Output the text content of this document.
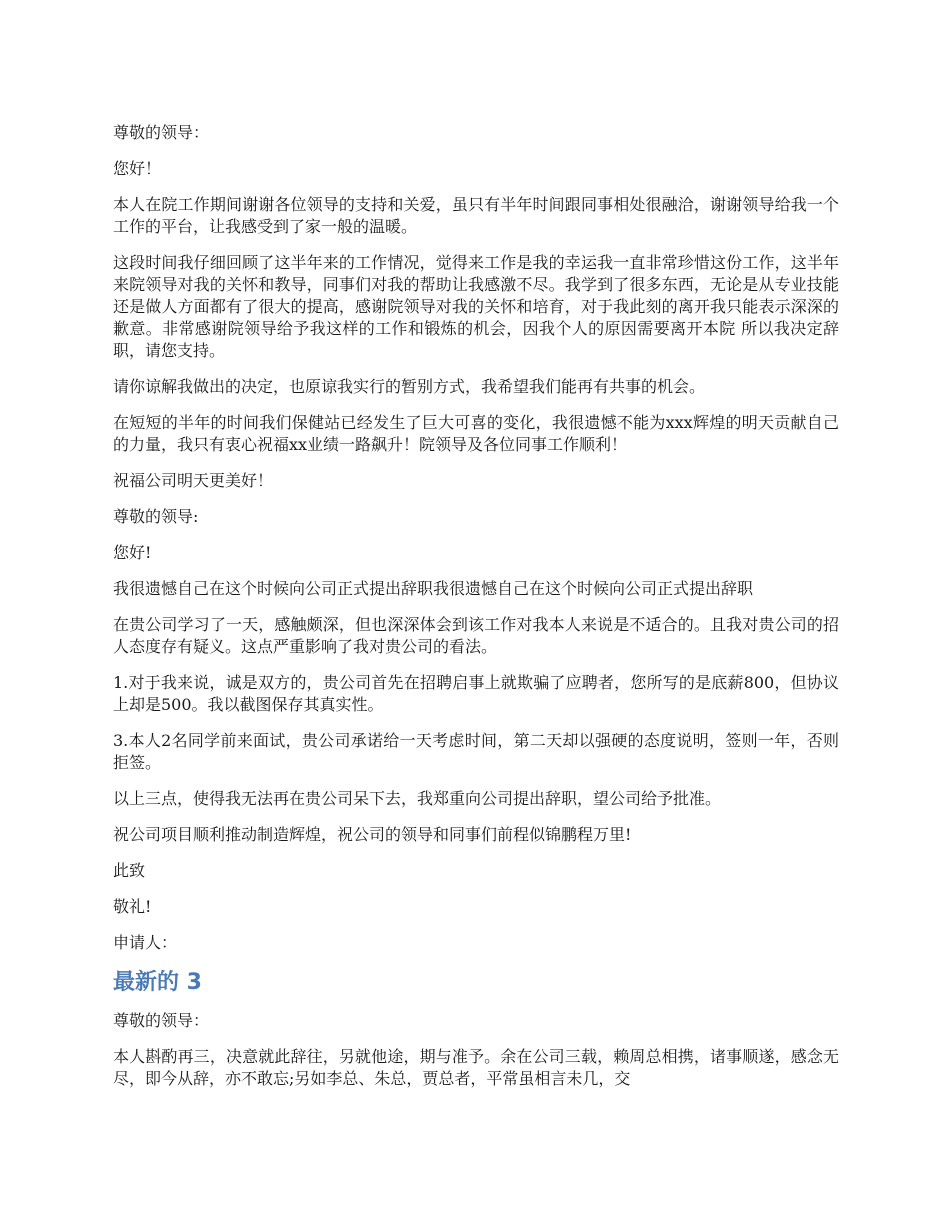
尊敬的领导：

您好！

本人在院工作期间谢谢各位领导的支持和关爱，虽只有半年时间跟同事相处很融洽，谢谢领导给我一个工作的平台，让我感受到了家一般的温暖。

这段时间我仔细回顾了这半年来的工作情况，觉得来工作是我的幸运我一直非常珍惜这份工作，这半年来院领导对我的关怀和教导，同事们对我的帮助让我感激不尽。我学到了很多东西，无论是从专业技能还是做人方面都有了很大的提高，感谢院领导对我的关怀和培育，对于我此刻的离开我只能表示深深的歉意。非常感谢院领导给予我这样的工作和锻炼的机会，因我个人的原因需要离开本院 所以我决定辞职，请您支持。

请你谅解我做出的决定，也原谅我实行的暂别方式，我希望我们能再有共事的机会。

在短短的半年的时间我们保健站已经发生了巨大可喜的变化，我很遗憾不能为xxx辉煌的明天贡献自己的力量，我只有衷心祝福xx业绩一路飙升！院领导及各位同事工作顺利！

祝福公司明天更美好！

尊敬的领导:

您好!

我很遗憾自己在这个时候向公司正式提出辞职我很遗憾自己在这个时候向公司正式提出辞职

在贵公司学习了一天，感触颇深，但也深深体会到该工作对我本人来说是不适合的。且我对贵公司的招人态度存有疑义。这点严重影响了我对贵公司的看法。

1.对于我来说，诚是双方的，贵公司首先在招聘启事上就欺骗了应聘者，您所写的是底薪800，但协议上却是500。我以截图保存其真实性。

3.本人2名同学前来面试，贵公司承诺给一天考虑时间，第二天却以强硬的态度说明，签则一年，否则拒签。

以上三点，使得我无法再在贵公司呆下去，我郑重向公司提出辞职，望公司给予批准。

祝公司项目顺利推动制造辉煌，祝公司的领导和同事们前程似锦鹏程万里!

此致

敬礼!

申请人：

最新的 3

尊敬的领导：

本人斟酌再三，决意就此辞往，另就他途，期与准予。余在公司三载，赖周总相携，诸事顺遂，感念无尽，即今从辞，亦不敢忘;另如李总、朱总，贾总者，平常虽相言未几，交
